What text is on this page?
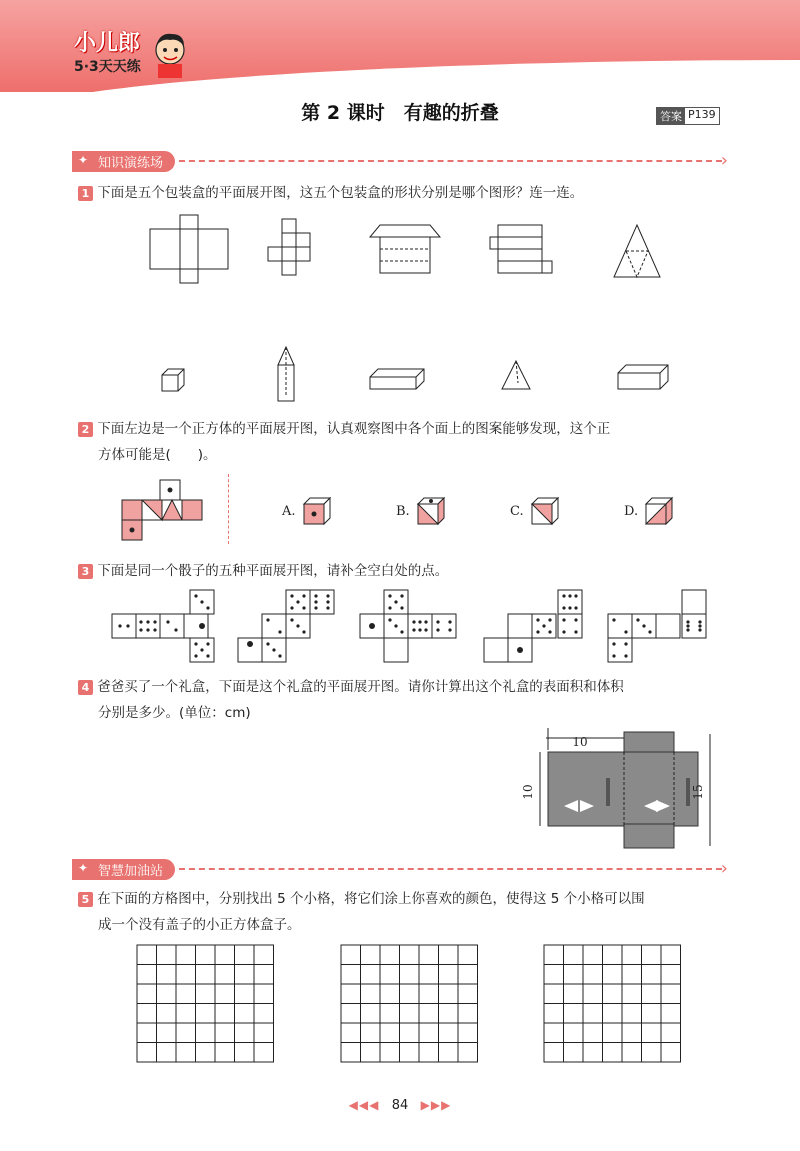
小儿郎
5·3天天练
第 2 课时　有趣的折叠	答案 P139
✦ 知识演练场
›
1 下面是五个包装盒的平面展开图，这五个包装盒的形状分别是哪个图形？连一连。
2 下面左边是一个正方体的平面展开图，认真观察图中各个面上的图案能够发现，这个正
方体可能是(　　)。
A.	B.	C.	D.
3 下面是同一个骰子的五种平面展开图，请补全空白处的点。
4 爸爸买了一个礼盒，下面是这个礼盒的平面展开图。请你计算出这个礼盒的表面积和体积
分别是多少。(单位：cm)
10
10	15
✦ 智慧加油站
›
5 在下面的方格图中，分别找出 5 个小格，将它们涂上你喜欢的颜色，使得这 5 个小格可以围
成一个没有盖子的小正方体盒子。
◀◀◀ 84 ▶▶▶
